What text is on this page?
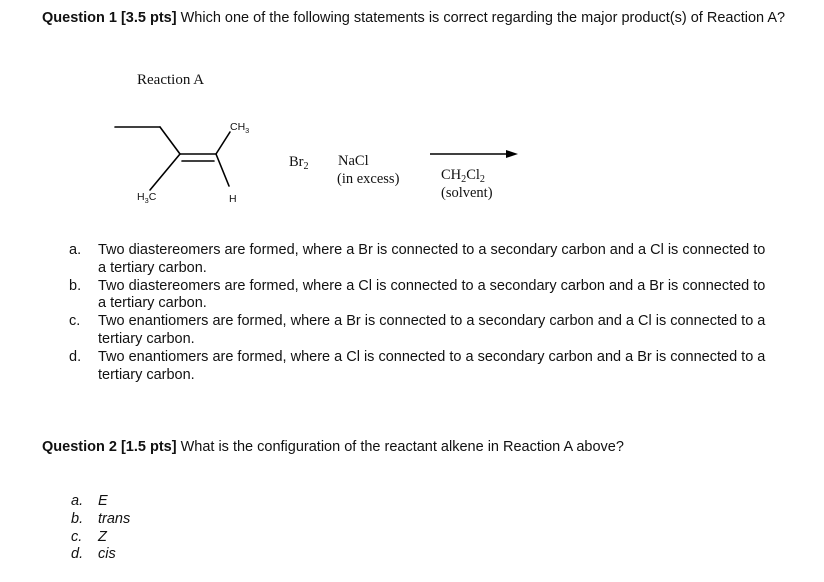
Question 1 [3.5 pts] Which one of the following statements is correct regarding the major product(s) of Reaction A?
Reaction A
$CH_3$
$H_3C$	H
$Br_2$ NaCl
(in excess)	$CH_2Cl_2$
(solvent)
a. Two diastereomers are formed, where a Br is connected to a secondary carbon and a Cl is connected to a tertiary carbon.
b. Two diastereomers are formed, where a Cl is connected to a secondary carbon and a Br is connected to a tertiary carbon.
c. Two enantiomers are formed, where a Br is connected to a secondary carbon and a Cl is connected to a tertiary carbon.
d. Two enantiomers are formed, where a Cl is connected to a secondary carbon and a Br is connected to a tertiary carbon.
Question 2 [1.5 pts] What is the configuration of the reactant alkene in Reaction A above?
a. E
b. trans
c. Z
d. cis
